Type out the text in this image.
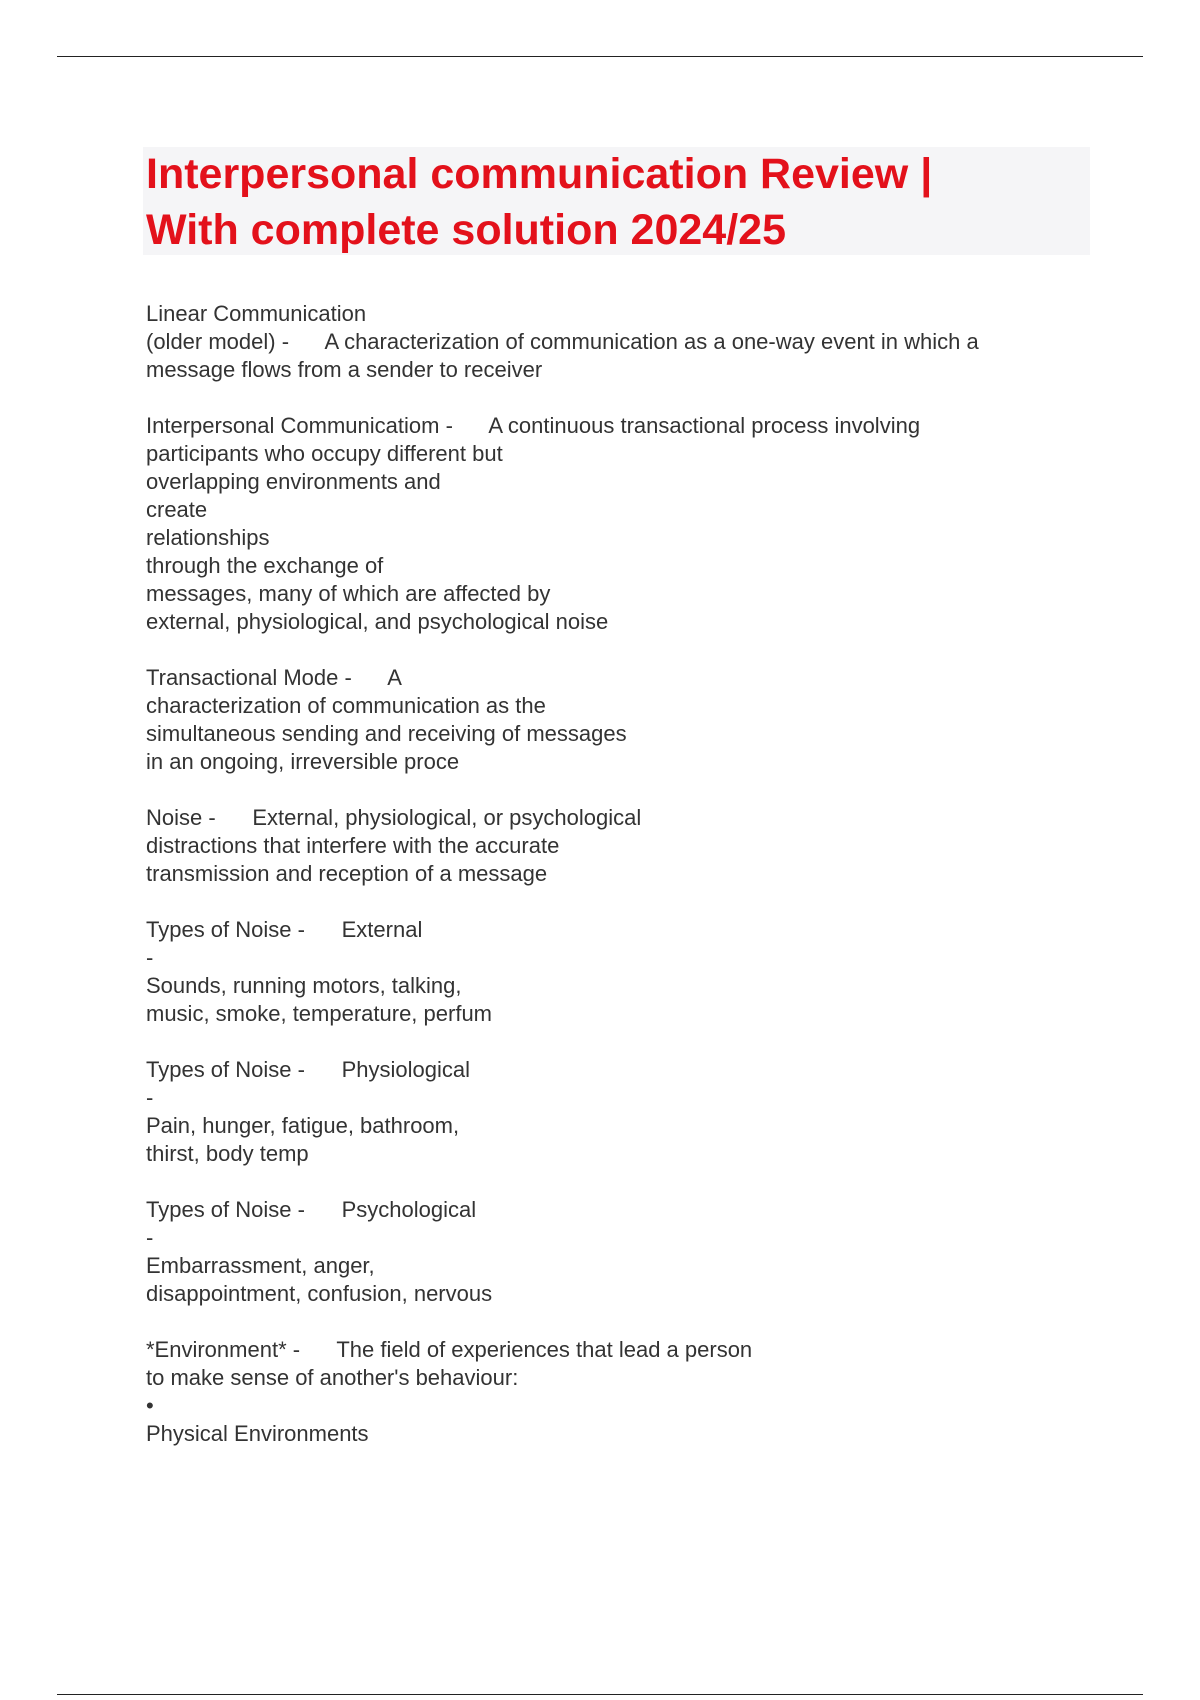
Interpersonal communication Review |
With complete solution 2024/25
Linear Communication
(older model) -      A characterization of communication as a one-way event in which a
message flows from a sender to receiver
Interpersonal Communicatiom -      A continuous transactional process involving
participants who occupy different but
overlapping environments and
create
relationships
through the exchange of
messages, many of which are affected by
external, physiological, and psychological noise
Transactional Mode -      A
characterization of communication as the
simultaneous sending and receiving of messages
in an ongoing, irreversible proce
Noise -      External, physiological, or psychological
distractions that interfere with the accurate
transmission and reception of a message
Types of Noise -      External
-
Sounds, running motors, talking,
music, smoke, temperature, perfum
Types of Noise -      Physiological
-
Pain, hunger, fatigue, bathroom,
thirst, body temp
Types of Noise -      Psychological
-
Embarrassment, anger,
disappointment, confusion, nervous
*Environment* -      The field of experiences that lead a person
to make sense of another's behaviour:
•
Physical Environments
